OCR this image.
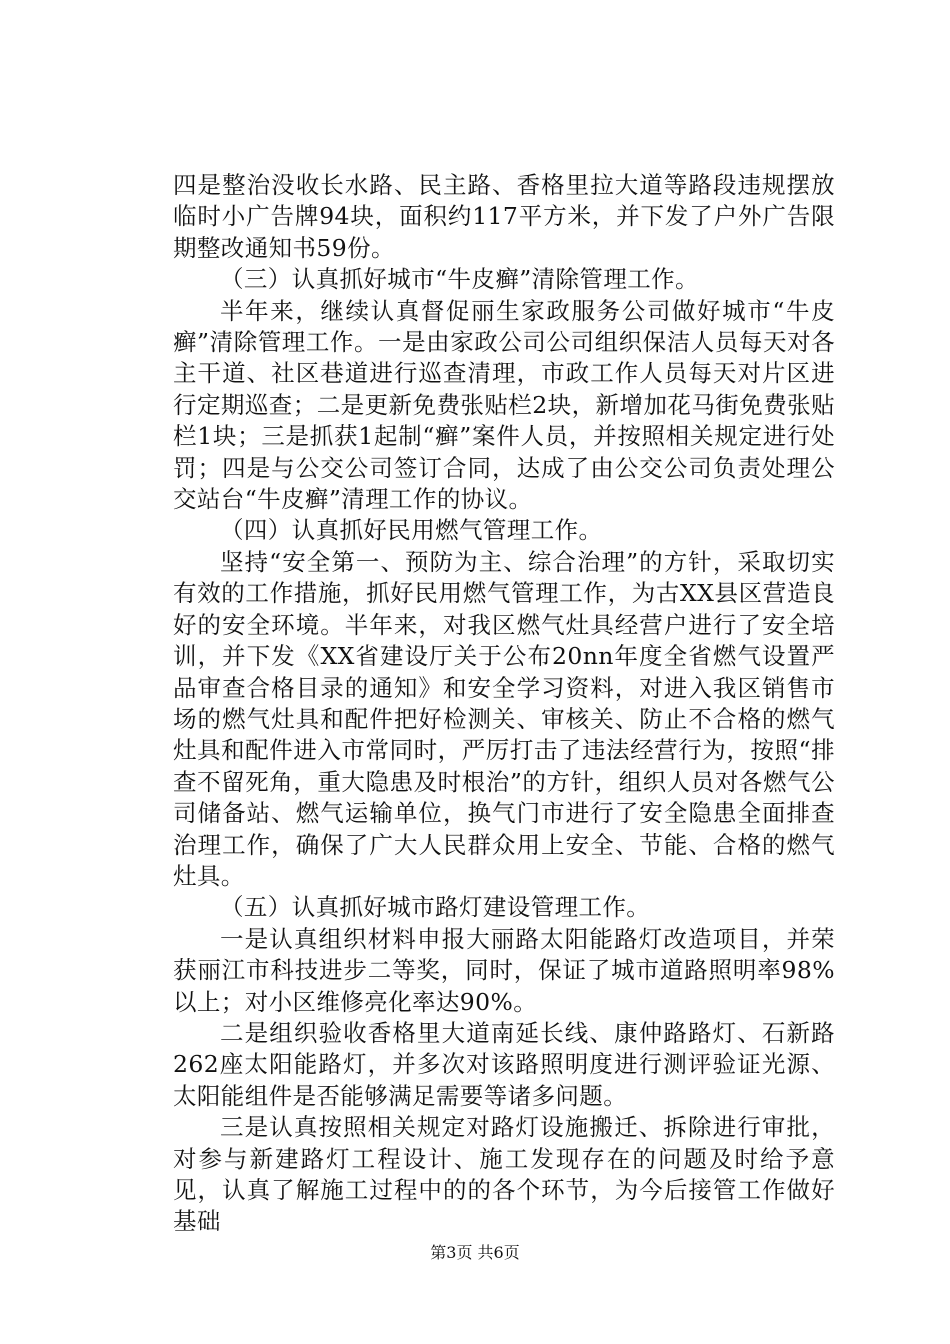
四是整治没收长水路、民主路、香格里拉大道等路段违规摆放临时小广告牌94块，面积约117平方米，并下发了户外广告限期整改通知书59份。

（三）认真抓好城市“牛皮癣”清除管理工作。

半年来，继续认真督促丽生家政服务公司做好城市“牛皮癣”清除管理工作。一是由家政公司公司组织保洁人员每天对各主干道、社区巷道进行巡查清理，市政工作人员每天对片区进行定期巡查；二是更新免费张贴栏2块，新增加花马街免费张贴栏1块；三是抓获1起制“癣”案件人员，并按照相关规定进行处罚；四是与公交公司签订合同，达成了由公交公司负责处理公交站台“牛皮癣”清理工作的协议。

（四）认真抓好民用燃气管理工作。

坚持“安全第一、预防为主、综合治理”的方针，采取切实有效的工作措施，抓好民用燃气管理工作，为古XX县区营造良好的安全环境。半年来，对我区燃气灶具经营户进行了安全培训，并下发《XX省建设厅关于公布20nn年度全省燃气设置严品审查合格目录的通知》和安全学习资料，对进入我区销售市场的燃气灶具和配件把好检测关、审核关、防止不合格的燃气灶具和配件进入市常同时，严厉打击了违法经营行为，按照“排查不留死角，重大隐患及时根治”的方针，组织人员对各燃气公司储备站、燃气运输单位，换气门市进行了安全隐患全面排查治理工作，确保了广大人民群众用上安全、节能、合格的燃气灶具。

（五）认真抓好城市路灯建设管理工作。

一是认真组织材料申报大丽路太阳能路灯改造项目，并荣获丽江市科技进步二等奖，同时，保证了城市道路照明率98%以上；对小区维修亮化率达90%。

二是组织验收香格里大道南延长线、康仲路路灯、石新路262座太阳能路灯，并多次对该路照明度进行测评验证光源、太阳能组件是否能够满足需要等诸多问题。

三是认真按照相关规定对路灯设施搬迁、拆除进行审批，对参与新建路灯工程设计、施工发现存在的问题及时给予意见，认真了解施工过程中的的各个环节，为今后接管工作做好基础

第3页 共6页
